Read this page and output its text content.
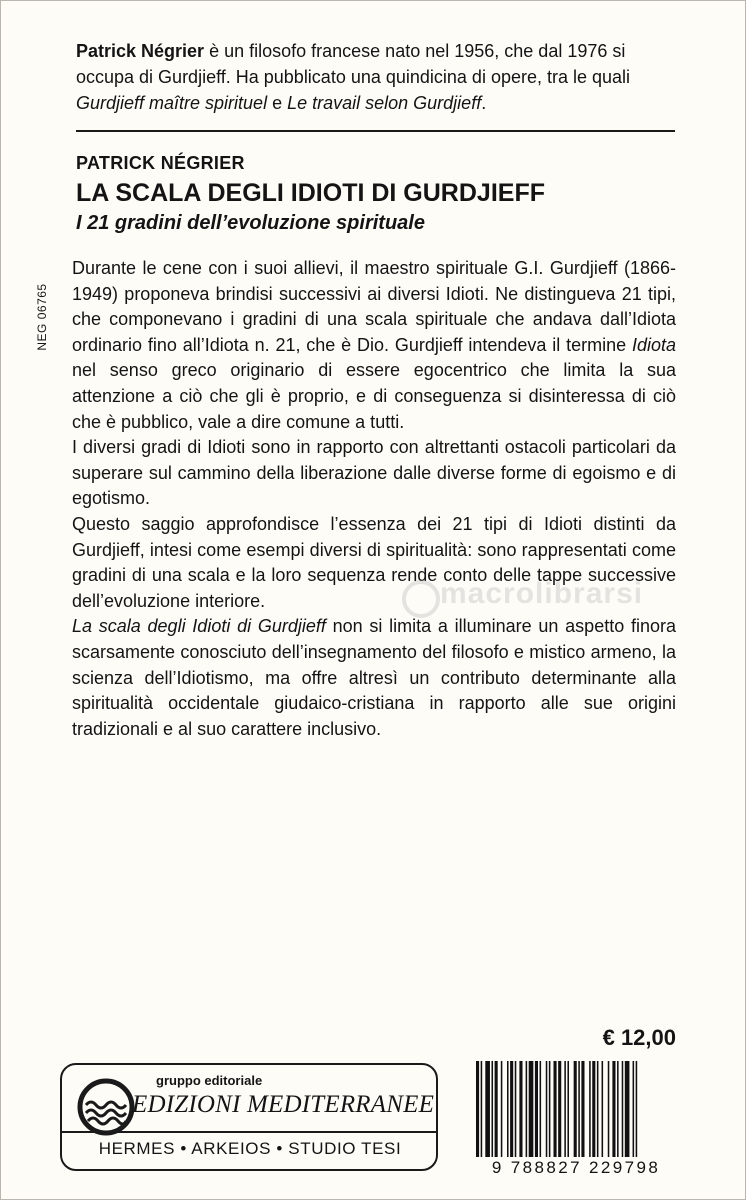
Patrick Négrier è un filosofo francese nato nel 1956, che dal 1976 si occupa di Gurdjieff. Ha pubblicato una quindicina di opere, tra le quali Gurdjieff maître spirituel e Le travail selon Gurdjieff.

PATRICK NÉGRIER

LA SCALA DEGLI IDIOTI DI GURDJIEFF
I 21 gradini dell’evoluzione spirituale
NEG 06765

Durante le cene con i suoi allievi, il maestro spirituale G.I. Gurdjieff (1866-1949) proponeva brindisi successivi ai diversi Idioti. Ne distingueva 21 tipi, che componevano i gradini di una scala spirituale che andava dall’Idiota ordinario fino all’Idiota n. 21, che è Dio. Gurdjieff intendeva il termine Idiota nel senso greco originario di essere egocentrico che limita la sua attenzione a ciò che gli è proprio, e di conseguenza si disinteressa di ciò che è pubblico, vale a dire comune a tutti.

I diversi gradi di Idioti sono in rapporto con altrettanti ostacoli particolari da superare sul cammino della liberazione dalle diverse forme di egoismo e di egotismo.

Questo saggio approfondisce l’essenza dei 21 tipi di Idioti distinti da Gurdjieff, intesi come esempi diversi di spiritualità: sono rappresentati come gradini di una scala e la loro sequenza rende conto delle tappe successive dell’evoluzione interiore.

La scala degli Idioti di Gurdjieff non si limita a illuminare un aspetto finora scarsamente conosciuto dell’insegnamento del filosofo e mistico armeno, la scienza dell’Idiotismo, ma offre altresì un contributo determinante alla spiritualità occidentale giudaico-cristiana in rapporto alle sue origini tradizionali e al suo carattere inclusivo.

macrolibrarsi
€ 12,00
gruppo editoriale
EDIZIONI MEDITERRANEE
HERMES • ARKEIOS • STUDIO TESI
9 788827 229798
